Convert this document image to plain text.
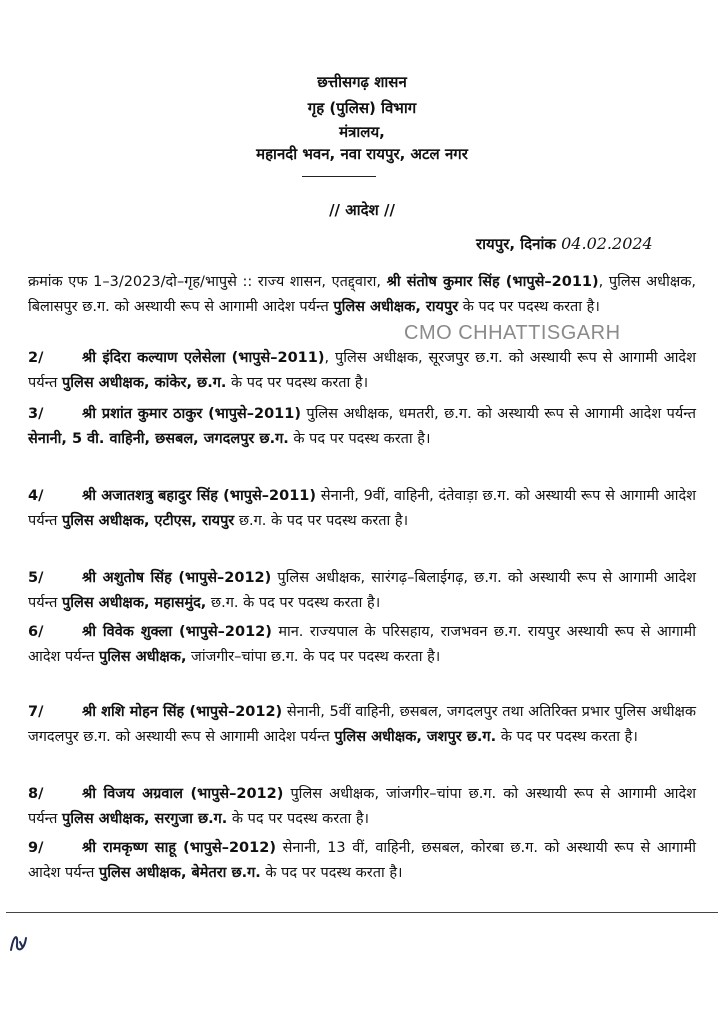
छत्तीसगढ़ शासन
गृह (पुलिस) विभाग
मंत्रालय,
महानदी भवन, नवा रायपुर, अटल नगर
// आदेश //
रायपुर, दिनांक 04.02.2024
क्रमांक एफ 1–3/2023/दो–गृह/भापुसे :: राज्य शासन, एतद्द्वारा, श्री संतोष कुमार सिंह (भापुसे–2011), पुलिस अधीक्षक, बिलासपुर छ.ग. को अस्थायी रूप से आगामी आदेश पर्यन्त पुलिस अधीक्षक, रायपुर के पद पर पदस्थ करता है।
CMO CHHATTISGARH
2/	श्री इंदिरा कल्याण एलेसेला (भापुसे–2011), पुलिस अधीक्षक, सूरजपुर छ.ग. को अस्थायी रूप से आगामी आदेश पर्यन्त पुलिस अधीक्षक, कांकेर, छ.ग. के पद पर पदस्थ करता है।
3/	श्री प्रशांत कुमार ठाकुर (भापुसे–2011) पुलिस अधीक्षक, धमतरी, छ.ग. को अस्थायी रूप से आगामी आदेश पर्यन्त सेनानी, 5 वी. वाहिनी, छसबल, जगदलपुर छ.ग. के पद पर पदस्थ करता है।
4/	श्री अजातशत्रु बहादुर सिंह (भापुसे–2011) सेनानी, 9वीं, वाहिनी, दंतेवाड़ा छ.ग. को अस्थायी रूप से आगामी आदेश पर्यन्त पुलिस अधीक्षक, एटीएस, रायपुर छ.ग. के पद पर पदस्थ करता है।
5/	श्री अशुतोष सिंह (भापुसे–2012) पुलिस अधीक्षक, सारंगढ़–बिलाईगढ़, छ.ग. को अस्थायी रूप से आगामी आदेश पर्यन्त पुलिस अधीक्षक, महासमुंद, छ.ग. के पद पर पदस्थ करता है।
6/	श्री विवेक शुक्ला (भापुसे–2012) मान. राज्यपाल के परिसहाय, राजभवन छ.ग. रायपुर अस्थायी रूप से आगामी आदेश पर्यन्त पुलिस अधीक्षक, जांजगीर–चांपा छ.ग. के पद पर पदस्थ करता है।
7/	श्री शशि मोहन सिंह (भापुसे–2012) सेनानी, 5वीं वाहिनी, छसबल, जगदलपुर तथा अतिरिक्त प्रभार पुलिस अधीक्षक जगदलपुर छ.ग. को अस्थायी रूप से आगामी आदेश पर्यन्त पुलिस अधीक्षक, जशपुर छ.ग. के पद पर पदस्थ करता है।
8/	श्री विजय अग्रवाल (भापुसे–2012) पुलिस अधीक्षक, जांजगीर–चांपा छ.ग. को अस्थायी रूप से आगामी आदेश पर्यन्त पुलिस अधीक्षक, सरगुजा छ.ग. के पद पर पदस्थ करता है।
9/	श्री रामकृष्ण साहू (भापुसे–2012) सेनानी, 13 वीं, वाहिनी, छसबल, कोरबा छ.ग. को अस्थायी रूप से आगामी आदेश पर्यन्त पुलिस अधीक्षक, बेमेतरा छ.ग. के पद पर पदस्थ करता है।
